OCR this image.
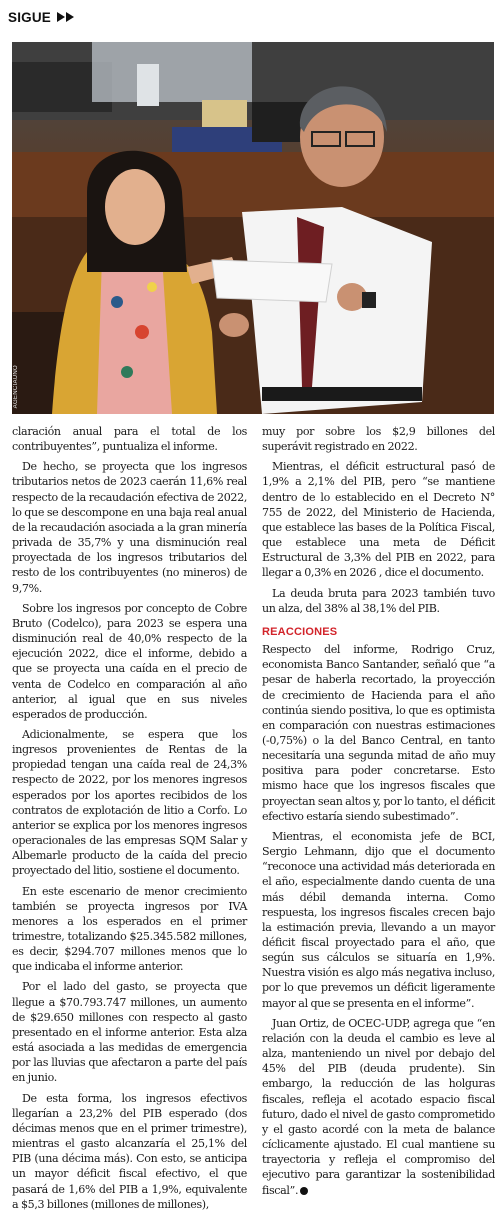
SIGUE
AGENCIAUNO

claración anual para el total de los contribuyentes”, puntualiza el informe.

De hecho, se proyecta que los ingresos tributarios netos de 2023 caerán 11,6% real respecto de la recaudación efectiva de 2022, lo que se descompone en una baja real anual de la recaudación asociada a la gran minería privada de 35,7% y una disminución real proyectada de los ingresos tributarios del resto de los contribuyentes (no mineros) de 9,7%.

Sobre los ingresos por concepto de Cobre Bruto (Codelco), para 2023 se espera una disminución real de 40,0% respecto de la ejecución 2022, dice el informe, debido a que se proyecta una caída en el precio de venta de Codelco en comparación al año anterior, al igual que en sus niveles esperados de producción.

Adicionalmente, se espera que los ingresos provenientes de Rentas de la propiedad tengan una caída real de 24,3% respecto de 2022, por los menores ingresos esperados por los aportes recibidos de los contratos de explotación de litio a Corfo. Lo anterior se explica por los menores ingresos operacionales de las empresas SQM Salar y Albemarle producto de la caída del precio proyectado del litio, sostiene el documento.

En este escenario de menor crecimiento también se proyecta ingresos por IVA menores a los esperados en el primer trimestre, totalizando $25.345.582 millones, es decir, $294.707 millones menos que lo que indicaba el informe anterior.

Por el lado del gasto, se proyecta que llegue a $70.793.747 millones, un aumento de $29.650 millones con respecto al gasto presentado en el informe anterior. Esta alza está asociada a las medidas de emergencia por las lluvias que afectaron a parte del país en junio.

De esta forma, los ingresos efectivos llegarían a 23,2% del PIB esperado (dos décimas menos que en el primer trimestre), mientras el gasto alcanzaría el 25,1% del PIB (una décima más). Con esto, se anticipa un mayor déficit fiscal efectivo, el que pasará de 1,6% del PIB a 1,9%, equivalente a $5,3 billones (millones de millones),

muy por sobre los $2,9 billones del superávit registrado en 2022.

Mientras, el déficit estructural pasó de 1,9% a 2,1% del PIB, pero “se mantiene dentro de lo establecido en el Decreto N° 755 de 2022, del Ministerio de Hacienda, que establece las bases de la Política Fiscal, que establece una meta de Déficit Estructural de 3,3% del PIB en 2022, para llegar a 0,3% en 2026 , dice el documento.

La deuda bruta para 2023 también tuvo un alza, del 38% al 38,1% del PIB.

REACCIONES

Respecto del informe, Rodrigo Cruz, economista Banco Santander, señaló que “a pesar de haberla recortado, la proyección de crecimiento de Hacienda para el año continúa siendo positiva, lo que es optimista en comparación con nuestras estimaciones (-0,75%) o la del Banco Central, en tanto necesitaría una segunda mitad de año muy positiva para poder concretarse. Esto mismo hace que los ingresos fiscales que proyectan sean altos y, por lo tanto, el déficit efectivo estaría siendo subestimado”.

Mientras, el economista jefe de BCI, Sergio Lehmann, dijo que el documento “reconoce una actividad más deteriorada en el año, especialmente dando cuenta de una más débil demanda interna. Como respuesta, los ingresos fiscales crecen bajo la estimación previa, llevando a un mayor déficit fiscal proyectado para el año, que según sus cálculos se situaría en 1,9%. Nuestra visión es algo más negativa incluso, por lo que prevemos un déficit ligeramente mayor al que se presenta en el informe”.

Juan Ortiz, de OCEC-UDP, agrega que “en relación con la deuda el cambio es leve al alza, manteniendo un nivel por debajo del 45% del PIB (deuda prudente). Sin embargo, la reducción de las holguras fiscales, refleja el acotado espacio fiscal futuro, dado el nivel de gasto comprometido y el gasto acordé con la meta de balance cíclicamente ajustado. El cual mantiene su trayectoria y refleja el compromiso del ejecutivo para garantizar la sostenibilidad fiscal”.
